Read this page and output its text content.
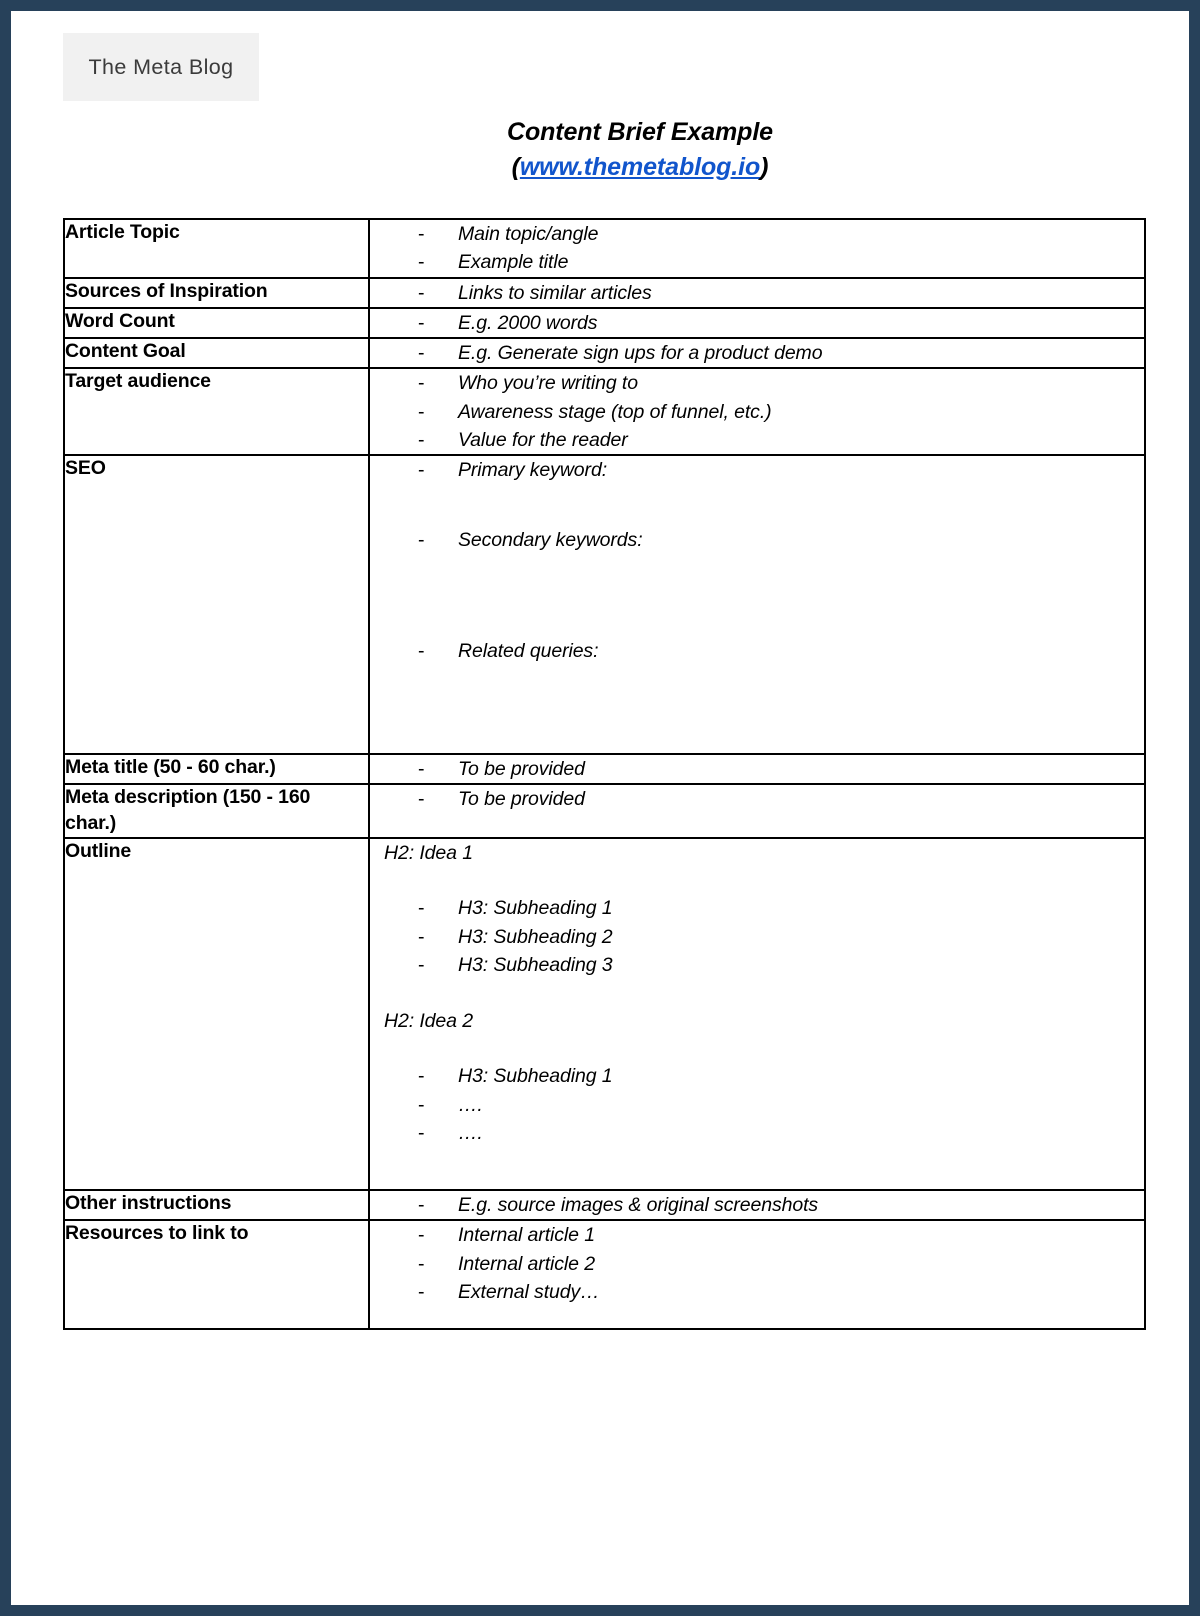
The Meta Blog
Content Brief Example
(www.themetablog.io)
Article Topic

-Main topic/angle
- Example title

Sources of Inspiration

-Links to similar articles

Word Count

-E.g. 2000 words

Content Goal

-E.g. Generate sign ups for a product demo

Target audience

-Who you’re writing to
- Awareness stage (top of funnel, etc.)
- Value for the reader

SEO

-Primary keyword:
- Secondary keywords:
- Related queries:

Meta title (50 - 60 char.)

-To be provided

Meta description (150 - 160 char.)

- To be provided

Outline	H2: Idea 1
- H3: Subheading 1
- H3: Subheading 2
- H3: Subheading 3
H2: Idea 2
- H3: Subheading 1
- ….
- ….

Other instructions

-E.g. source images & original screenshots

Resources to link to

-Internal article 1
- Internal article 2
- External study…
